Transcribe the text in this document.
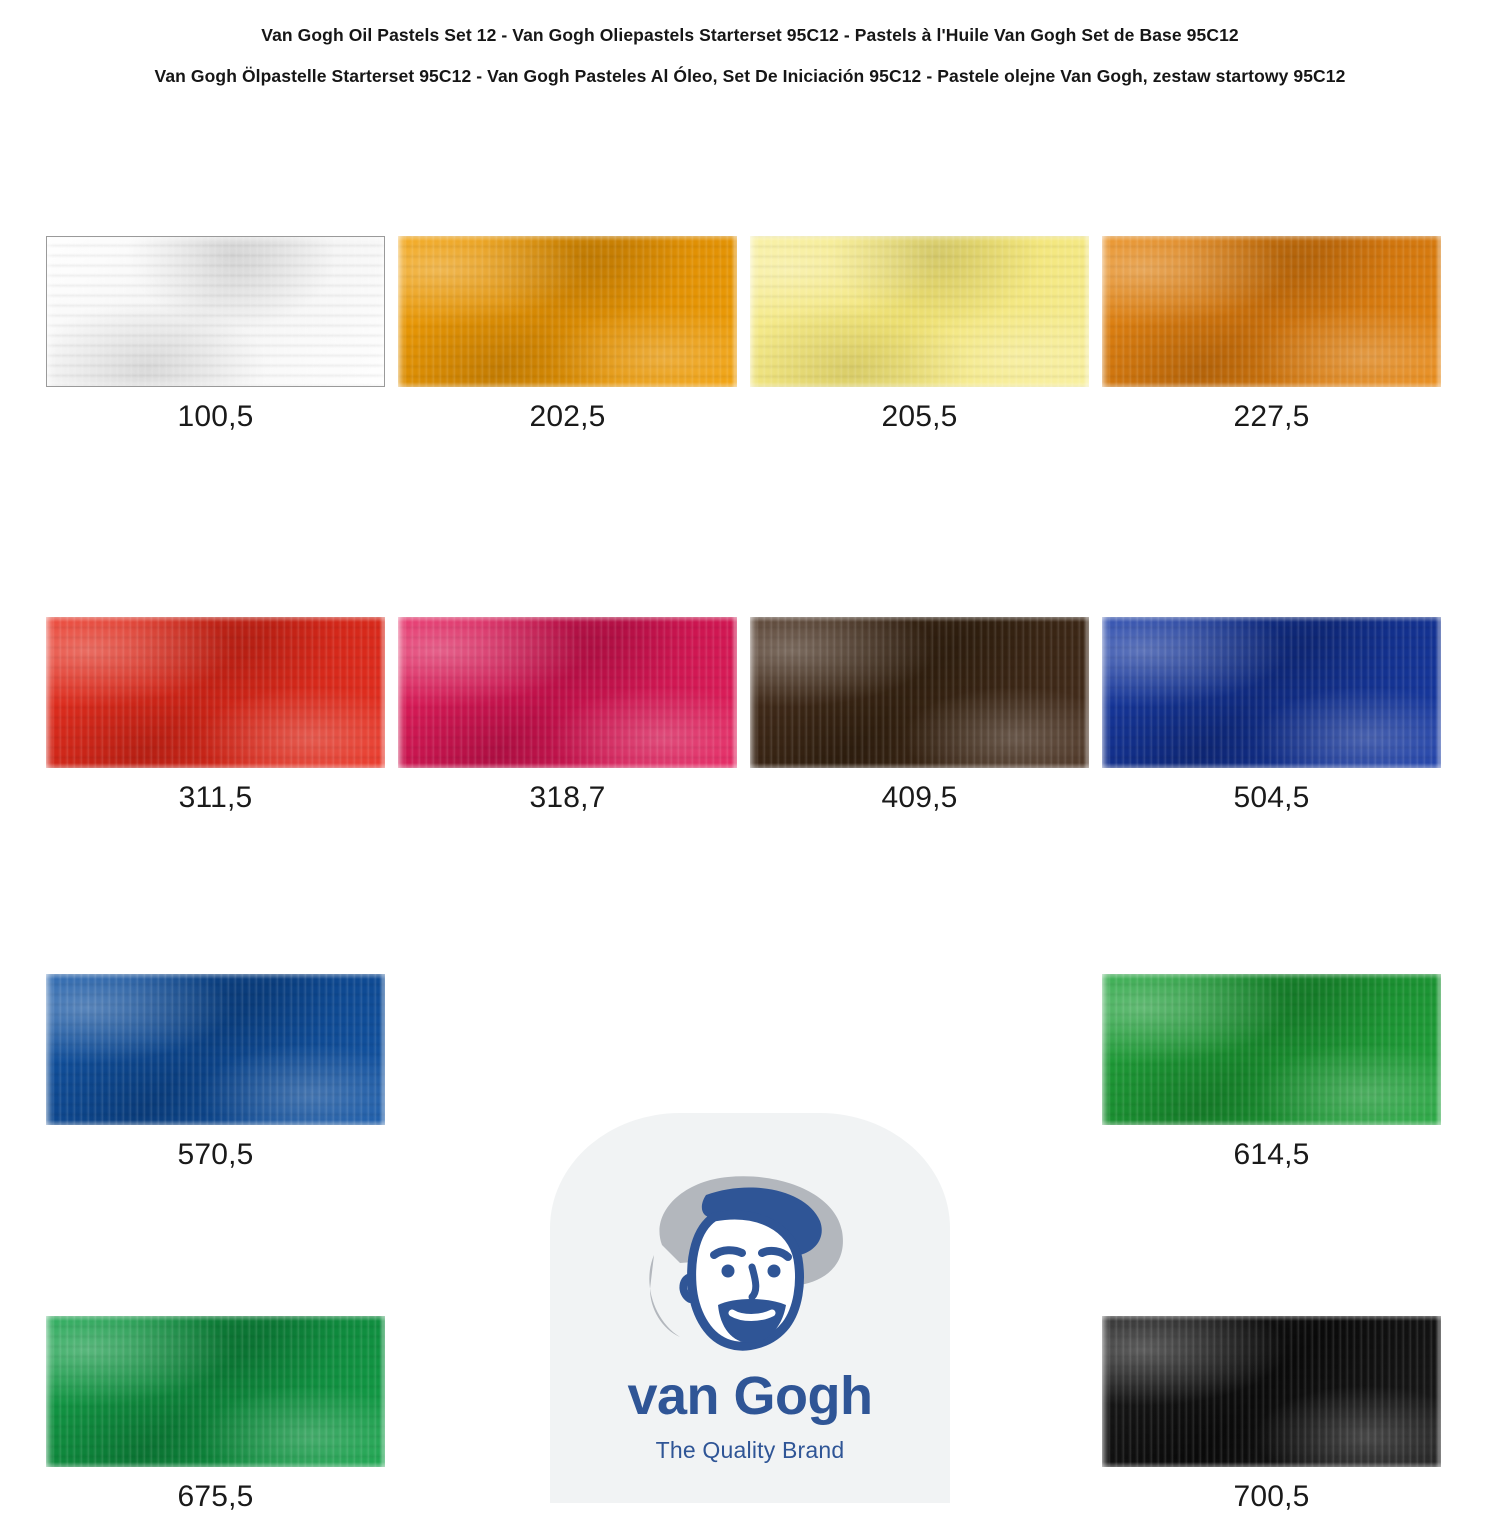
Van Gogh Oil Pastels Set 12 - Van Gogh Oliepastels Starterset 95C12 - Pastels à l'Huile Van Gogh Set de Base 95C12
Van Gogh Ölpastelle Starterset 95C12 - Van Gogh Pasteles Al Óleo, Set De Iniciación 95C12 - Pastele olejne Van Gogh, zestaw startowy 95C12
100,5	202,5	205,5	227,5
311,5	318,7	409,5	504,5
570,5	614,5
675,5	700,5
van Gogh
The Quality Brand
